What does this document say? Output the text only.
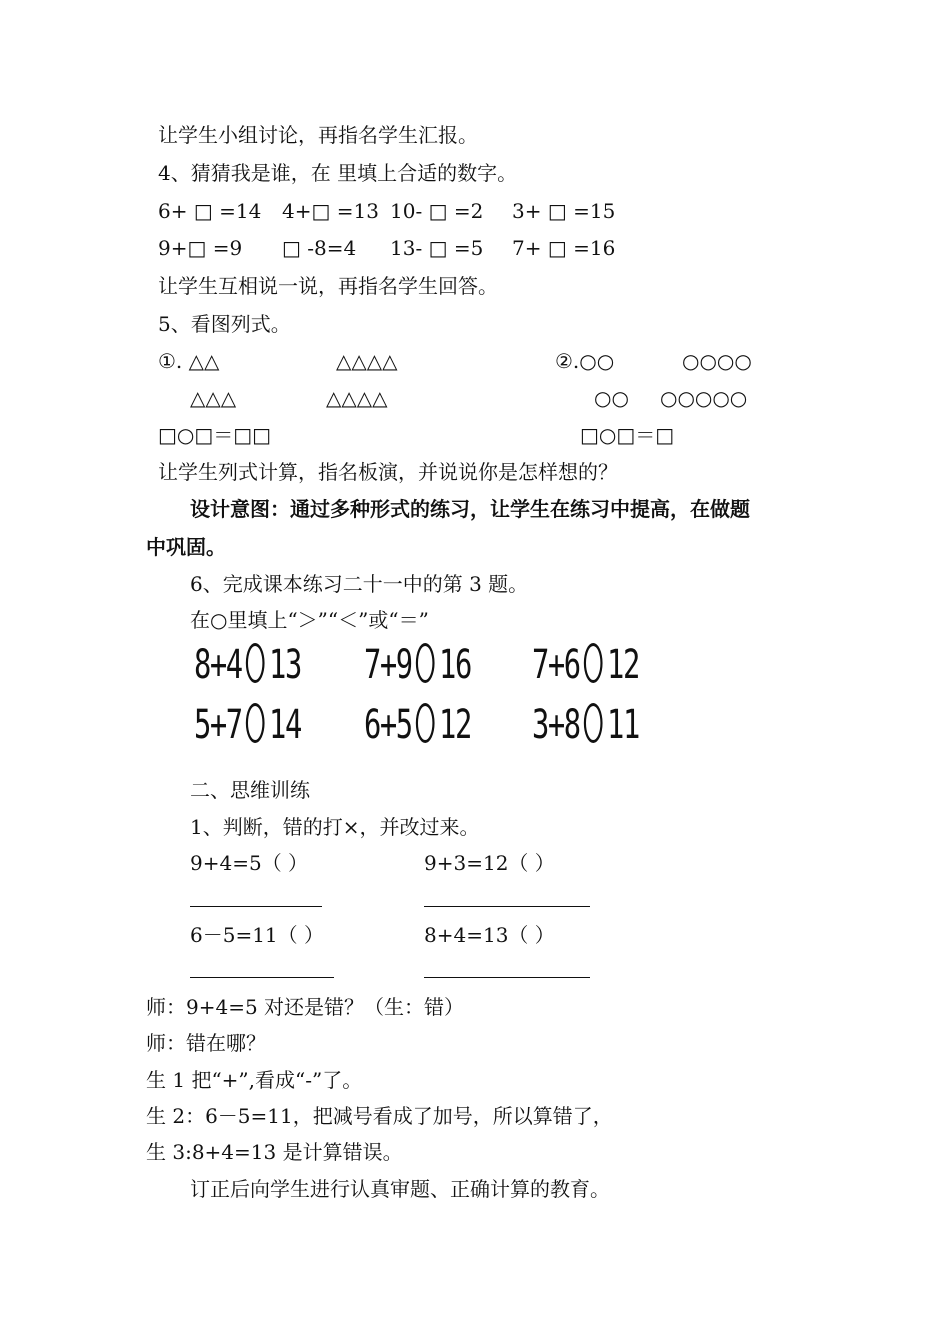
让学生小组讨论，再指名学生汇报。
4、猜猜我是谁，在 里填上合适的数字。
6+ □ =14 4+□ =13 10- □ =2 3+ □ =15
9+□ =9 □ -8=4 13- □ =5 7+ □ =16
让学生互相说一说，再指名学生回答。
5、看图列式。
①. △△	△△△△	②.○○	○○○○
△△△	△△△△	○○ ○○○○○
□○□＝□□	□○□＝□
让学生列式计算，指名板演，并说说你是怎样想的？
设计意图：通过多种形式的练习，让学生在练习中提高，在做题
中巩固。
6、完成课本练习二十一中的第 3 题。
在○里填上“＞”“＜”或“＝”
8+4 13 7+9 16 7+6 12
5+7 14 6+5 12 3+8 11
二、思维训练
1、判断，错的打×，并改过来。
9+4=5（ ）	9+3=12（ ）
6－5=11（ ）	8+4=13（ ）
师：9+4=5 对还是错？（生：错）
师：错在哪？
生 1 把“+”,看成“-”了。
生 2：6－5=11，把减号看成了加号，所以算错了，
生 3:8+4=13 是计算错误。
订正后向学生进行认真审题、正确计算的教育。
